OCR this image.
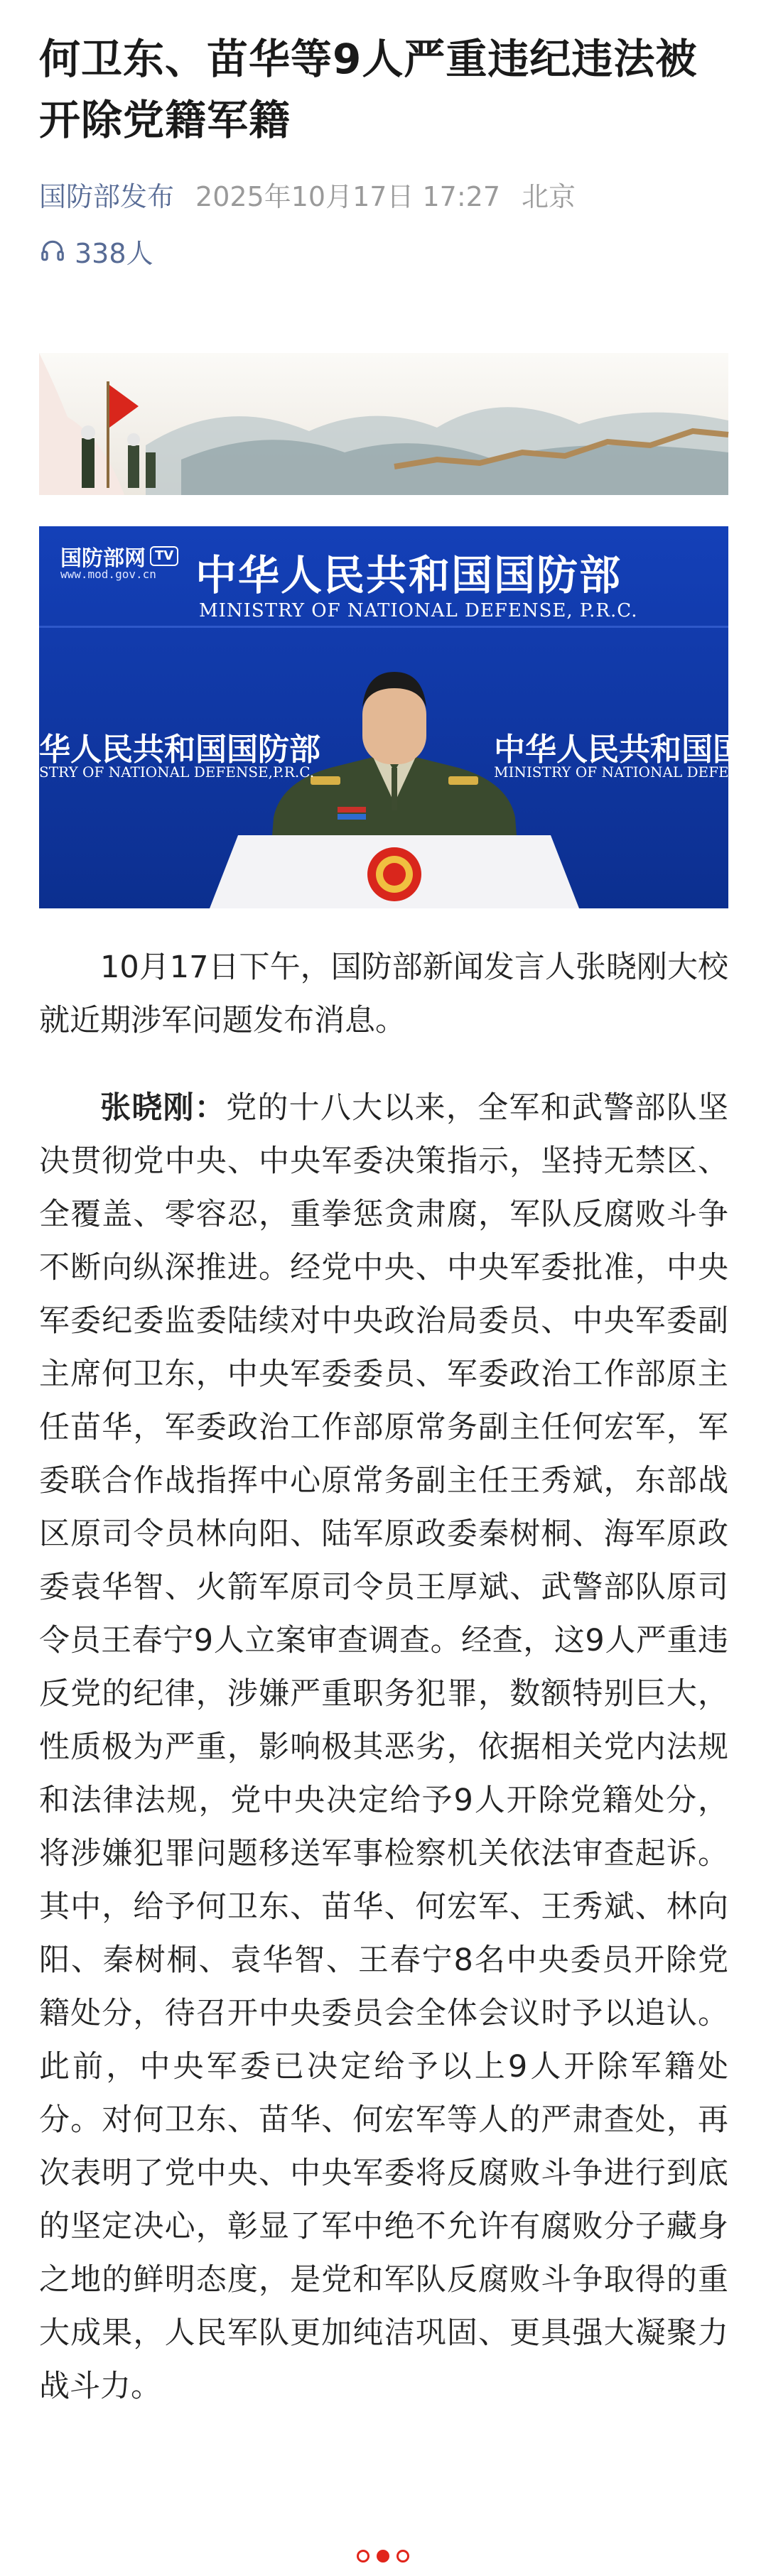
何卫东、苗华等9人严重违纪违法被开除党籍军籍
国防部发布 2025年10月17日 17:27 北京
338人
国防部网 TV
www.mod.gov.cn 中华人民共和国国防部
MINISTRY OF NATIONAL DEFENSE, P.R.C.
华人民共和国国防部
STRY OF NATIONAL DEFENSE,P.R.C.
中华人民共和国国
MINISTRY OF NATIONAL DEFENSE

10月17日下午，国防部新闻发言人张晓刚大校就近期涉军问题发布消息。

张晓刚：党的十八大以来，全军和武警部队坚决贯彻党中央、中央军委决策指示，坚持无禁区、全覆盖、零容忍，重拳惩贪肃腐，军队反腐败斗争不断向纵深推进。经党中央、中央军委批准，中央军委纪委监委陆续对中央政治局委员、中央军委副主席何卫东，中央军委委员、军委政治工作部原主任苗华，军委政治工作部原常务副主任何宏军，军委联合作战指挥中心原常务副主任王秀斌，东部战区原司令员林向阳、陆军原政委秦树桐、海军原政委袁华智、火箭军原司令员王厚斌、武警部队原司令员王春宁9人立案审查调查。经查，这9人严重违反党的纪律，涉嫌严重职务犯罪，数额特别巨大，性质极为严重，影响极其恶劣，依据相关党内法规和法律法规，党中央决定给予9人开除党籍处分，将涉嫌犯罪问题移送军事检察机关依法审查起诉。其中，给予何卫东、苗华、何宏军、王秀斌、林向阳、秦树桐、袁华智、王春宁8名中央委员开除党籍处分，待召开中央委员会全体会议时予以追认。此前，中央军委已决定给予以上9人开除军籍处分。对何卫东、苗华、何宏军等人的严肃查处，再次表明了党中央、中央军委将反腐败斗争进行到底的坚定决心，彰显了军中绝不允许有腐败分子藏身之地的鲜明态度，是党和军队反腐败斗争取得的重大成果，人民军队更加纯洁巩固、更具强大凝聚力战斗力。
